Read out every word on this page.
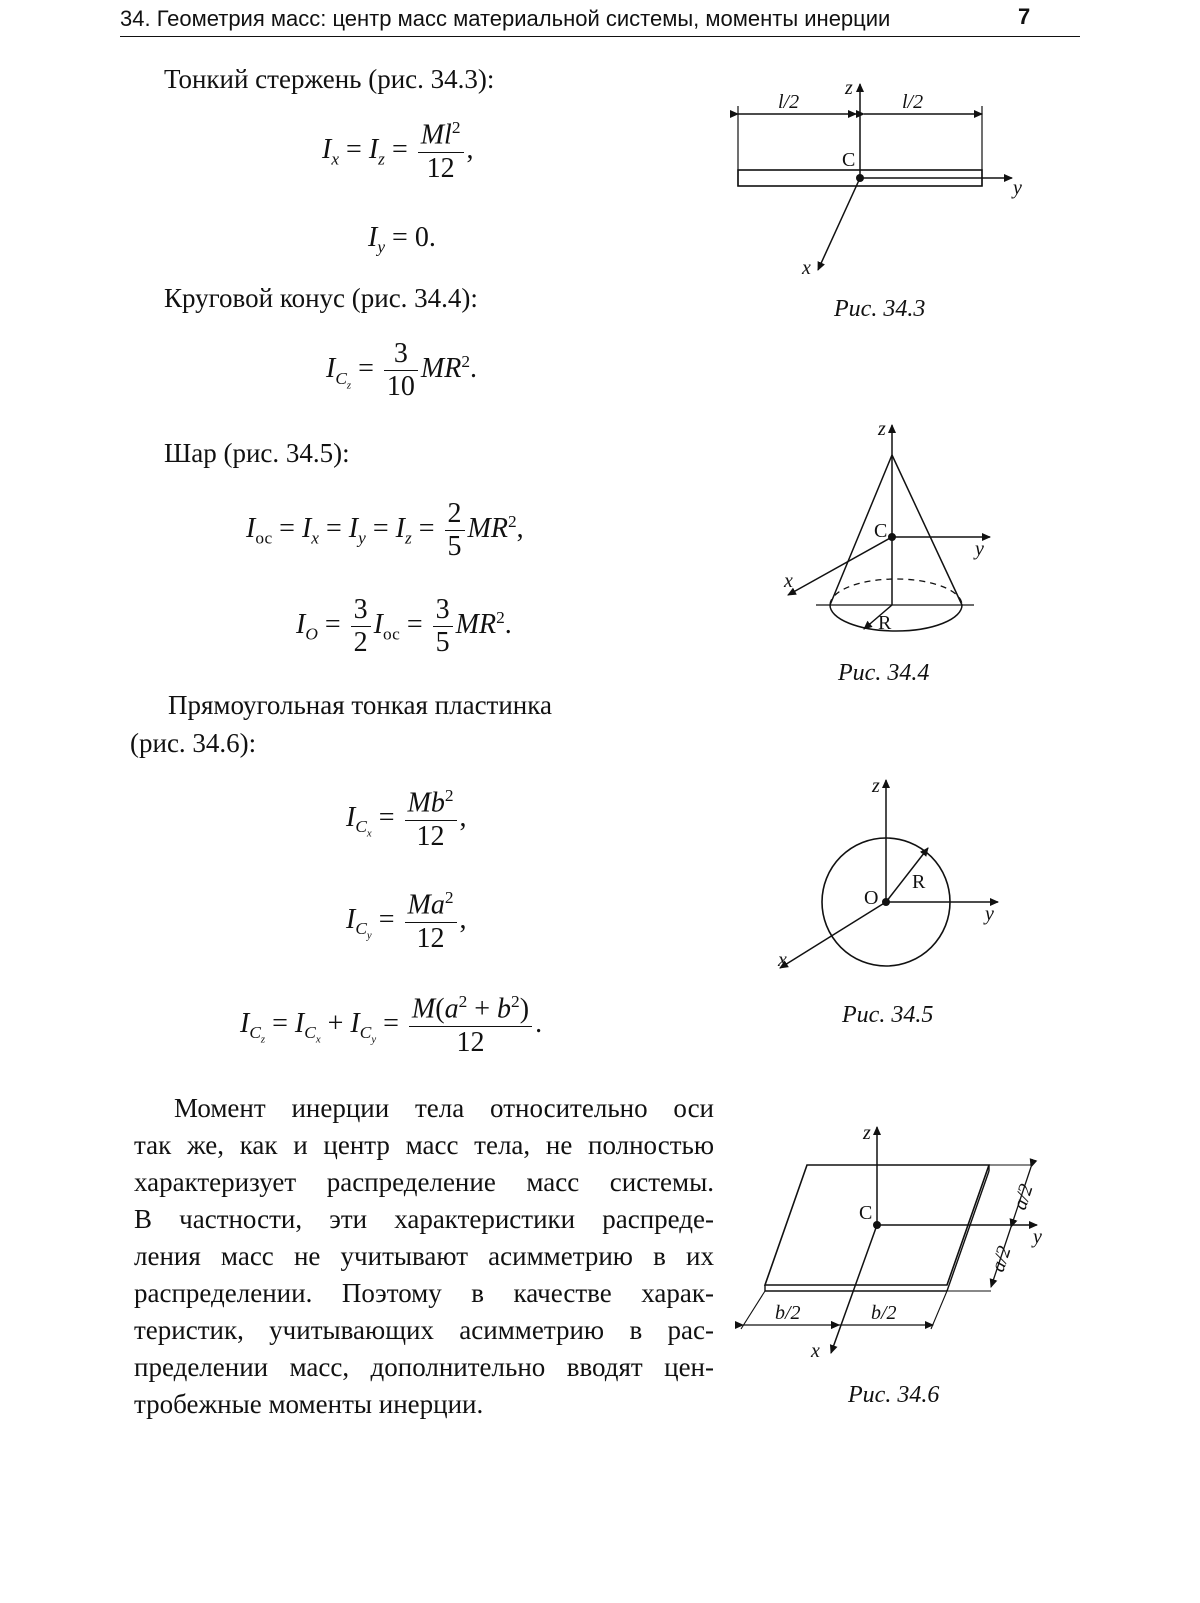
34. Геометрия масс: центр масс материальной системы, моменты инерции	7
Тонкий стержень (рис. 34.3):
$I_x = I_z = \frac{Ml^2}{12}$ ,
$I_y = 0$.
Круговой конус (рис. 34.4):
$I_{C_z} = \frac{3}{10} MR^2$.
Шар (рис. 34.5):
$I_{ос} = I_x = I_y = I_z = \frac{2}{5} MR^2$,
$I_O = \frac{3}{2} I_{ос} = \frac{3}{5} MR^2$.
Прямоугольная тонкая пластинка
(рис. 34.6):
$I_{C_x} = \frac{Mb^2}{12}$ ,
$I_{C_y} = \frac{Ma^2}{12}$ ,
$I_{C_z} = I_{C_x} + I_{C_y} = \frac{M(a^2 + b^2)}{12}$ .
Момент инерции тела относительно оси
так же, как и центр масс тела, не полностью
характеризует распределение масс системы.
В частности, эти характеристики распреде-
ления масс не учитывают асимметрию в их
распределении. Поэтому в качестве харак-
теристик, учитывающих асимметрию в рас-
пределении масс, дополнительно вводят цен-
тробежные моменты инерции.
l/2	l/2
C
z
y
x
Рис. 34.3
C
z
y
x
R
Рис. 34.4
O
R
z
y
x
Рис. 34.5
C
z
y
x
b/2	b/2
a/2
a/2
Рис. 34.6
